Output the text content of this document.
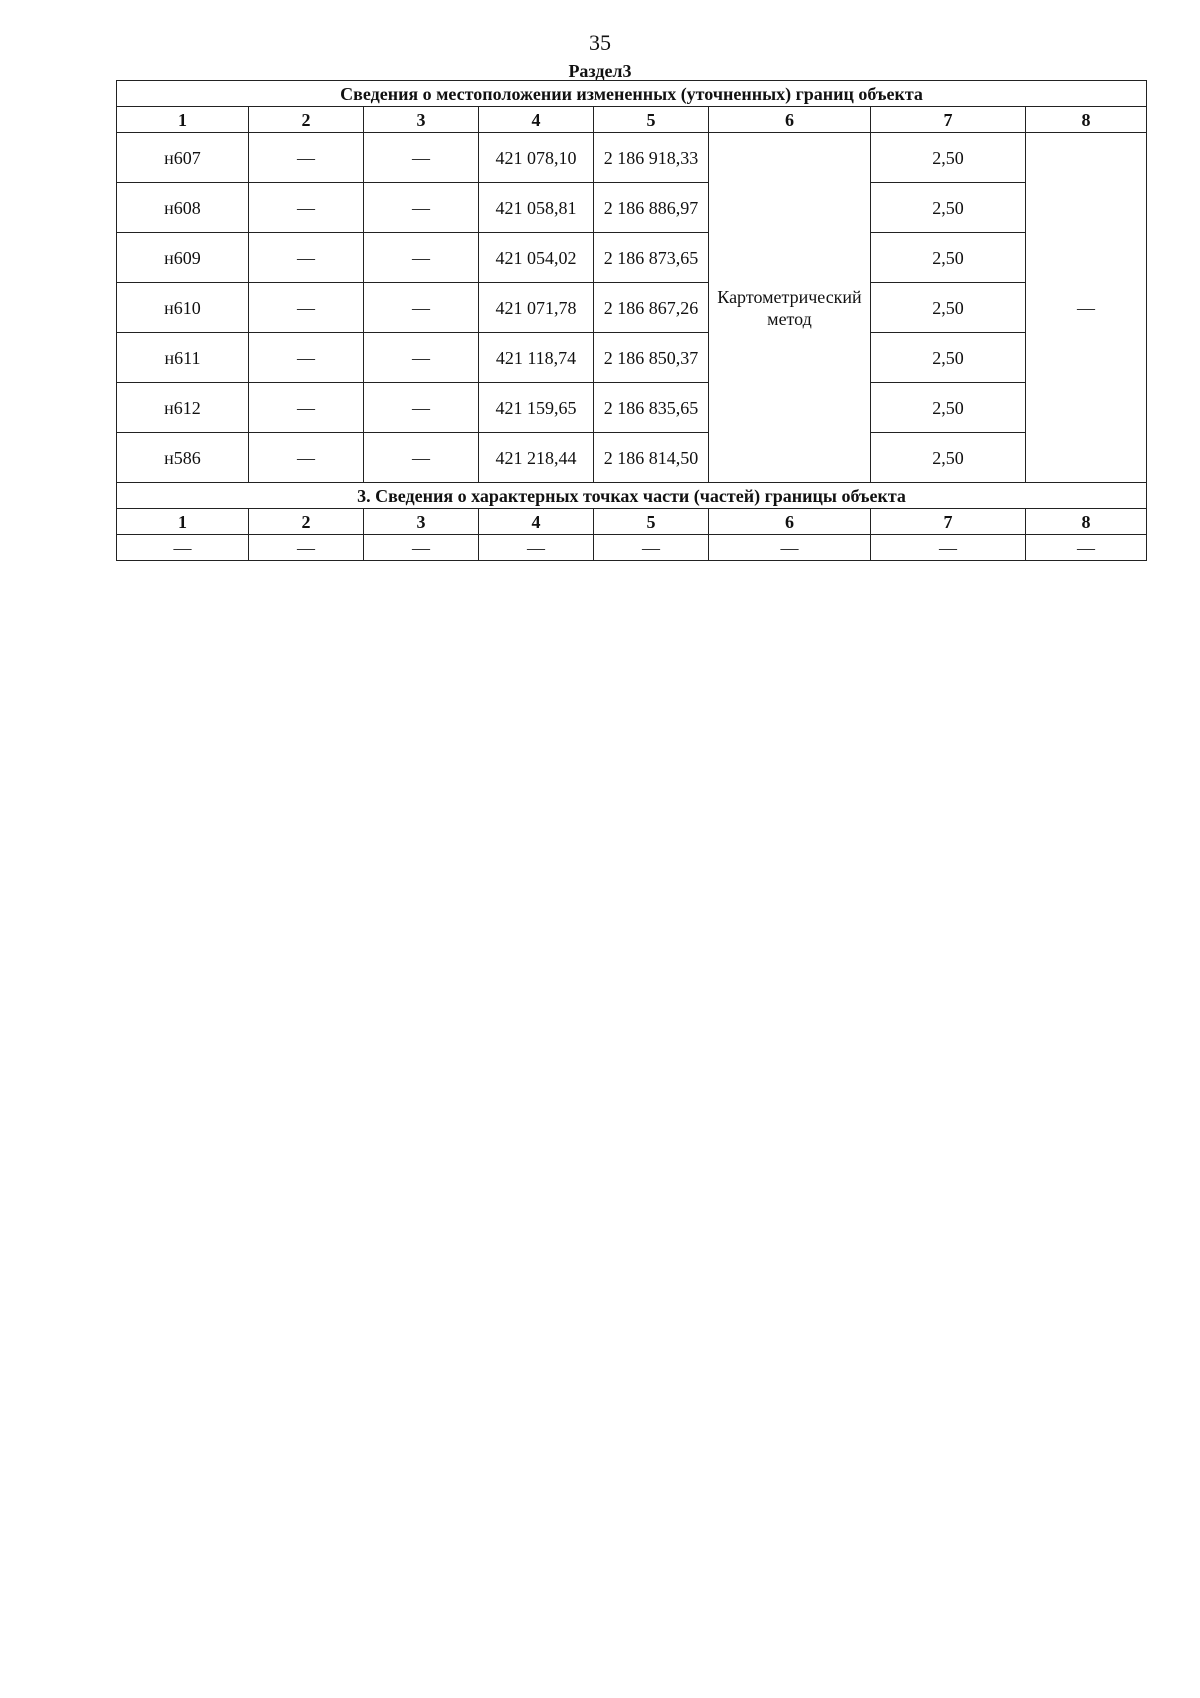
35
Раздел3
Сведения о местоположении измененных (уточненных) границ объекта							
1	2	3	4	5	6	7	8
н607	—	—	421 078,10	2 186 918,33	Картометрический метод	2,50	—
н608	—	—	421 058,81	2 186 886,97		2,50	
н609	—	—	421 054,02	2 186 873,65		2,50	
н610	—	—	421 071,78	2 186 867,26		2,50	
н611	—	—	421 118,74	2 186 850,37		2,50	
н612	—	—	421 159,65	2 186 835,65		2,50	
н586	—	—	421 218,44	2 186 814,50		2,50	
3. Сведения о характерных точках части (частей) границы объекта							
1	2	3	4	5	6	7	8
—	—	—	—	—	—	—	—
